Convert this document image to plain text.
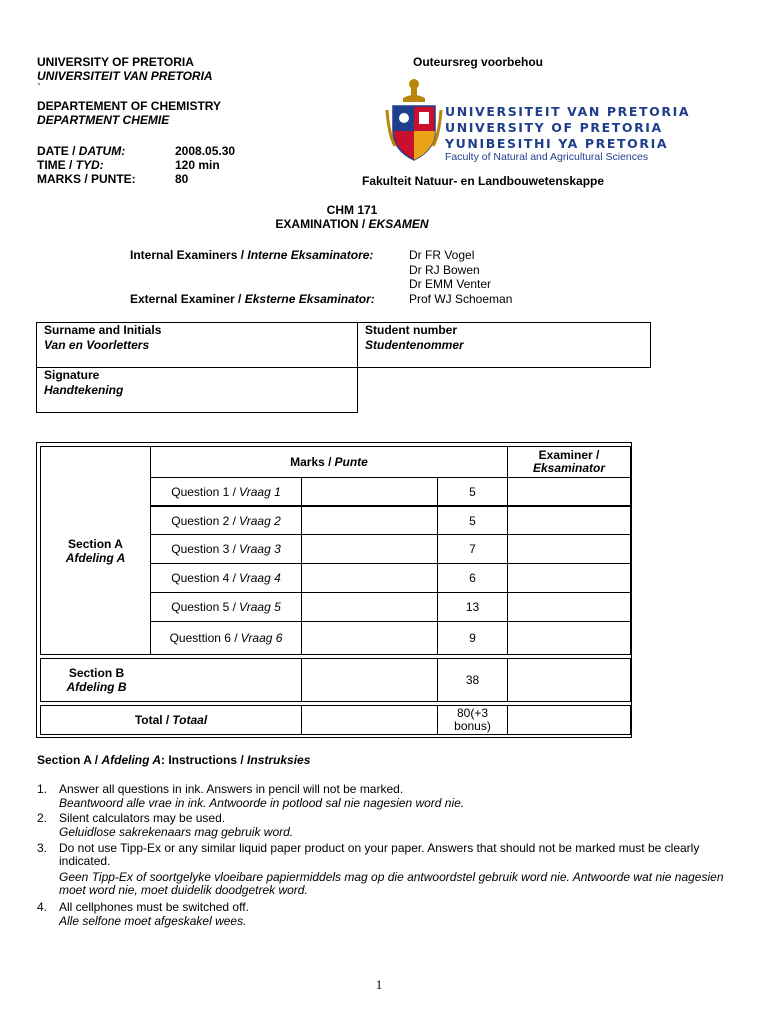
UNIVERSITY OF PRETORIA
UNIVERSITEIT VAN PRETORIA
`
DEPARTEMENT OF CHEMISTRY
DEPARTMENT CHEMIE
DATE / DATUM:	2008.05.30
TIME / TYD:	120 min
MARKS / PUNTE:	80
Outeursreg voorbehou
UNIVERSITEIT VAN PRETORIA
UNIVERSITY OF PRETORIA
YUNIBESITHI YA PRETORIA
Faculty of Natural and Agricultural Sciences
Fakulteit Natuur- en Landbouwetenskappe
CHM 171
EXAMINATION / EKSAMEN
Internal Examiners / Interne Eksaminatore:	Dr FR Vogel
Dr RJ Bowen
Dr EMM Venter
External Examiner / Eksterne Eksaminator:	Prof WJ Schoeman
Surname and Initials
Van en Voorletters
Student number
Studentenommer
Signature
Handtekening
Section A
Afdeling A
Marks / Punte	Examiner /
Eksaminator
Question 1 / Vraag 1	5
Question 2 / Vraag 2	5
Question 3 / Vraag 3	7
Question 4 / Vraag 4	6
Question 5 / Vraag 5	13
Questtion 6 / Vraag 6	9
Section B
Afdeling B	38
Total / Totaal	80(+3
bonus)
Section A / Afdeling A: Instructions / Instruksies
1. Answer all questions in ink. Answers in pencil will not be marked.
Beantwoord alle vrae in ink. Antwoorde in potlood sal nie nagesien word nie.
2. Silent calculators may be used.
Geluidlose sakrekenaars mag gebruik word.
3. Do not use Tipp-Ex or any similar liquid paper product on your paper. Answers that should not be marked must be clearly indicated.
Geen Tipp-Ex of soortgelyke vloeibare papiermiddels mag op die antwoordstel gebruik word nie. Antwoorde wat nie nagesien moet word nie, moet duidelik doodgetrek word.
4. All cellphones must be switched off.
Alle selfone moet afgeskakel wees.
1
